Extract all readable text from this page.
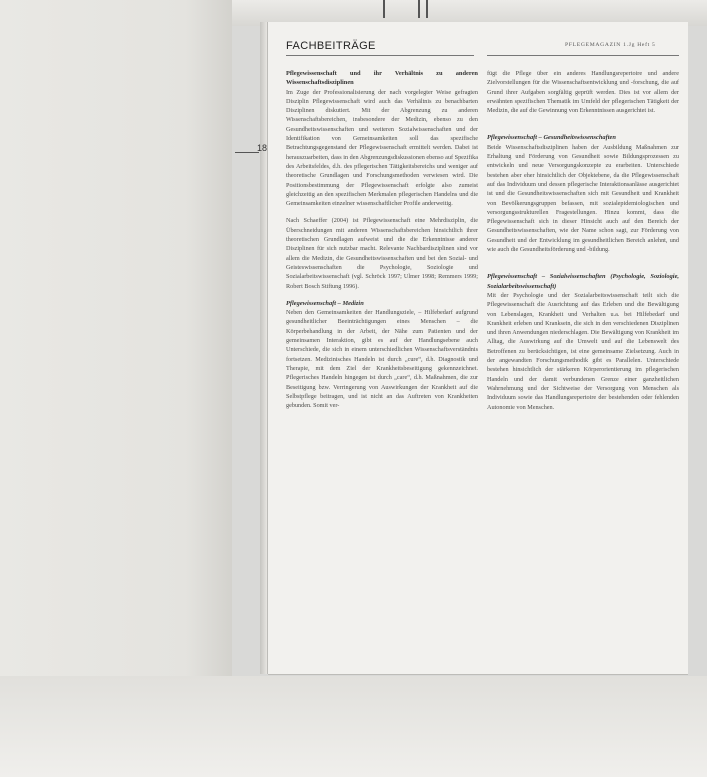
FACHBEITRÄGE	PFLEGEMAGAZIN 1.Jg Heft 5
18
Pflegewissenschaft und ihr Verhältnis zu anderen Wissenschaftsdisziplinen

Im Zuge der Professionalisierung der nach vorgelegter Weise gefragten Disziplin Pflegewissenschaft wird auch das Verhältnis zu benachbarten Disziplinen diskutiert. Mit der Abgrenzung zu anderen Wissenschaftsbereichen, insbesondere der Medizin, ebenso zu den Gesundheitswissenschaften und weiteren Sozialwissenschaften und der Identifikation von Gemeinsamkeiten soll das spezifische Betrachtungsgegenstand der Pflegewissenschaft ermittelt werden. Dabei ist herauszuarbeiten, dass in den Abgrenzungsdiskussionen ebenso auf Spezifika des Arbeitsfeldes, d.h. des pflegerischen Tätigkeitsbereichs und weniger auf theoretische Grundlagen und Forschungsmethoden verwiesen wird. Die Positionsbestimmung der Pflegewissenschaft erfolgte also zumeist gleichzeitig an den spezifischen Merkmalen pflegerischen Handelns und die Gemeinsamkeiten einzelner wissenschaftlicher Profile anderweitig.

Nach Schaeffer (2004) ist Pflegewissenschaft eine Mehrdisziplin, die Überschneidungen mit anderen Wissenschaftsbereichen hinsichtlich ihrer theoretischen Grundlagen aufweist und die die Erkenntnisse anderer Disziplinen für sich nutzbar macht. Relevante Nachbardisziplinen sind vor allem die Medizin, die Gesundheitswissenschaften und bei den Sozial- und Geisteswissenschaften die Psychologie, Soziologie und Sozialarbeitswissenschaft (vgl. Schröck 1997; Ulmer 1998; Remmers 1999; Robert Bosch Stiftung 1996).

Pflegewissenschaft – Medizin

Neben den Gemeinsamkeiten der Handlungsziele, – Hilfebedarf aufgrund gesundheitlicher Beeinträchtigungen eines Menschen – die Körperbehandlung in der Arbeit, der Nähe zum Patienten und der gemeinsamen Interaktion, gibt es auf der Handlungsebene auch Unterschiede, die sich in einem unterschiedlichen Wissenschaftsverständnis fortsetzen. Medizinisches Handeln ist durch „cure“, d.h. Diagnostik und Therapie, mit dem Ziel der Krankheitsbeseitigung gekennzeichnet. Pflegerisches Handeln hingegen ist durch „care“, d.h. Maßnahmen, die zur Beseitigung bzw. Verringerung von Auswirkungen der Krankheit auf die Selbstpflege beitragen, und ist nicht an das Auftreten von Krankheiten gebunden. Somit ver-

fügt die Pflege über ein anderes Handlungsrepertoire und andere Zielvorstellungen für die Wissenschaftsentwicklung und -forschung, die auf Grund ihrer Aufgaben sorgfältig geprüft werden. Dies ist vor allem der erwähnten spezifischen Thematik im Umfeld der pflegerischen Tätigkeit der Medizin, die auf die Gewinnung von Erkenntnissen ausgerichtet ist.

Pflegewissenschaft – Gesundheitswissenschaften

Beide Wissenschaftsdisziplinen haben der Ausbildung Maßnahmen zur Erhaltung und Förderung von Gesundheit sowie Bildungsprozessen zu entwickeln und neue Versorgungskonzepte zu erarbeiten. Unterschiede bestehen aber eher hinsichtlich der Objektebene, da die Pflegewissenschaft auf das Individuum und dessen pflegerische Interaktionsanlässe ausgerichtet ist und die Gesundheitswissenschaften sich mit Gesundheit und Krankheit von Bevölkerungsgruppen befassen, mit sozialepidemiologischen und versorgungsstrukturellen Fragestellungen. Hinzu kommt, dass die Pflegewissenschaft sich in dieser Hinsicht auch auf den Bereich der Gesundheitswissenschaften, wie der Name schon sagt, zur Förderung von Gesundheit und der Entwicklung im gesundheitlichen Bereich anlehnt, und wie auch die Gesundheitsförderung und -bildung.

Pflegewissenschaft – Sozialwissenschaften (Psychologie, Soziologie, Sozialarbeitswissenschaft)

Mit der Psychologie und der Sozialarbeitswissenschaft teilt sich die Pflegewissenschaft die Ausrichtung auf das Erleben und die Bewältigung von Lebenslagen, Krankheit und Verhalten u.a. bei Hilfebedarf und Krankheit erleben und Kranksein, die sich in den verschiedenen Disziplinen und ihren Anwendungen niederschlagen. Die Bewältigung von Krankheit im Alltag, die Auswirkung auf die Umwelt und auf die Lebenswelt des Betroffenen zu berücksichtigen, ist eine gemeinsame Zielsetzung. Auch in der angewandten Forschungsmethodik gibt es Parallelen. Unterschiede bestehen hinsichtlich der stärkeren Körperorientierung im pflegerischen Handeln und der damit verbundenen Grenze einer ganzheitlichen Wahrnehmung und der Sichtweise der Versorgung von Menschen als Individuum sowie das Handlungsrepertoire der bestehenden oder fehlenden Autonomie von Menschen.
